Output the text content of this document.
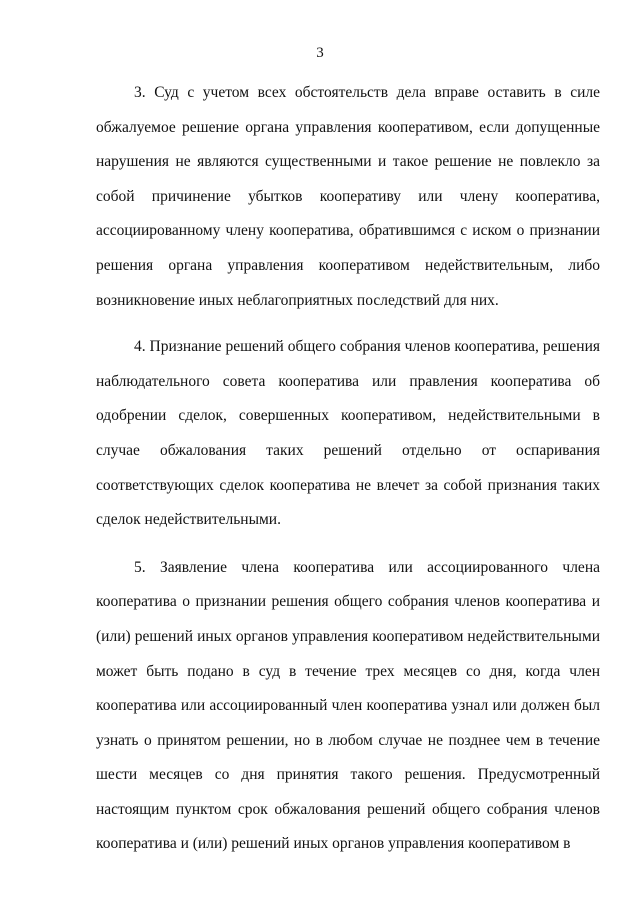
3

3. Суд с учетом всех обстоятельств дела вправе оставить в силе обжалуемое решение органа управления кооперативом, если допущенные нарушения не являются существенными и такое решение не повлекло за собой причинение убытков кооперативу или члену кооператива, ассоциированному члену кооператива, обратившимся с иском о признании решения органа управления кооперативом недействительным, либо возникновение иных неблагоприятных последствий для них.

4. Признание решений общего собрания членов кооператива, решения наблюдательного совета кооператива или правления кооператива об одобрении сделок, совершенных кооперативом, недействительными в случае обжалования таких решений отдельно от оспаривания соответствующих сделок кооператива не влечет за собой признания таких сделок недействительными.

5. Заявление члена кооператива или ассоциированного члена кооператива о признании решения общего собрания членов кооператива и (или) решений иных органов управления кооперативом недействительными может быть подано в суд в течение трех месяцев со дня, когда член кооператива или ассоциированный член кооператива узнал или должен был узнать о принятом решении, но в любом случае не позднее чем в течение шести месяцев со дня принятия такого решения. Предусмотренный настоящим пунктом срок обжалования решений общего собрания членов кооператива и (или) решений иных органов управления кооперативом в
